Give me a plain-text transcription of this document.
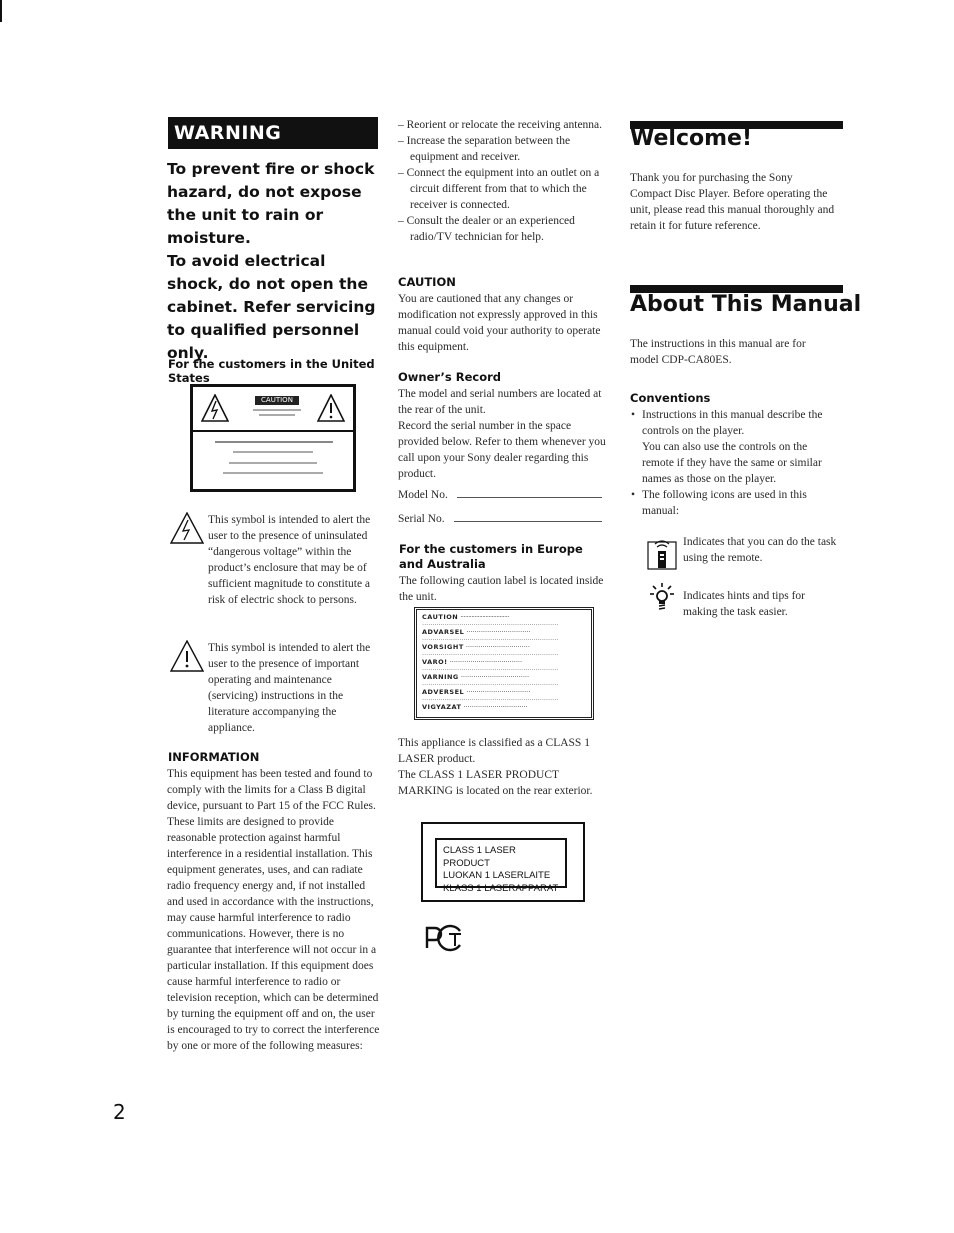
WARNING

To prevent fire or shock hazard, do not expose the unit to rain or moisture.

To avoid electrical shock, do not open the cabinet. Refer servicing to qualified personnel only.

For the customers in the United States
CAUTION
This symbol is intended to alert the user to the presence of uninsulated “dangerous voltage” within the product’s enclosure that may be of sufficient magnitude to constitute a risk of electric shock to persons.
This symbol is intended to alert the user to the presence of important operating and maintenance (servicing) instructions in the literature accompanying the appliance.
INFORMATION
This equipment has been tested and found to comply with the limits for a Class B digital device, pursuant to Part 15 of the FCC Rules. These limits are designed to provide reasonable protection against harmful interference in a residential installation. This equipment generates, uses, and can radiate radio frequency energy and, if not installed and used in accordance with the instructions, may cause harmful interference to radio communications. However, there is no guarantee that interference will not occur in a particular installation. If this equipment does cause harmful interference to radio or television reception, which can be determined by turning the equipment off and on, the user is encouraged to try to correct the interference by one or more of the following measures:

– Reorient or relocate the receiving antenna.

– Increase the separation between the equipment and receiver.

– Connect the equipment into an outlet on a circuit different from that to which the receiver is connected.

– Consult the dealer or an experienced radio/TV technician for help.

CAUTION
You are cautioned that any changes or modification not expressly approved in this manual could void your authority to operate this equipment.
Owner’s Record
The model and serial numbers are located at the rear of the unit.
Record the serial number in the space provided below. Refer to them whenever you call upon your Sony dealer regarding this product.
Model No.
Serial No.
For the customers in Europe and Australia
The following caution label is located inside the unit.
CAUTION ·······························
··································································
ADVARSEL ·······························
··································································
VORSIGHT ·······························
··································································
VARO! ···································
··································································
VARNING ·································
··································································
ADVERSEL ·······························
··································································
VIGYÁZAT ·······························
This appliance is classified as a CLASS 1 LASER product.
The CLASS 1 LASER PRODUCT MARKING is located on the rear exterior.
CLASS 1 LASER PRODUCT
LUOKAN 1 LASERLAITE
KLASS 1 LASERAPPARAT
Welcome!
Thank you for purchasing the Sony Compact Disc Player. Before operating the unit, please read this manual thoroughly and retain it for future reference.
About This Manual
The instructions in this manual are for model CDP-CA80ES.
Conventions
• Instructions in this manual describe the controls on the player.
You can also use the controls on the remote if they have the same or similar names as those on the player.
• The following icons are used in this manual:
Indicates that you can do the task using the remote.
Indicates hints and tips for making the task easier.
2
